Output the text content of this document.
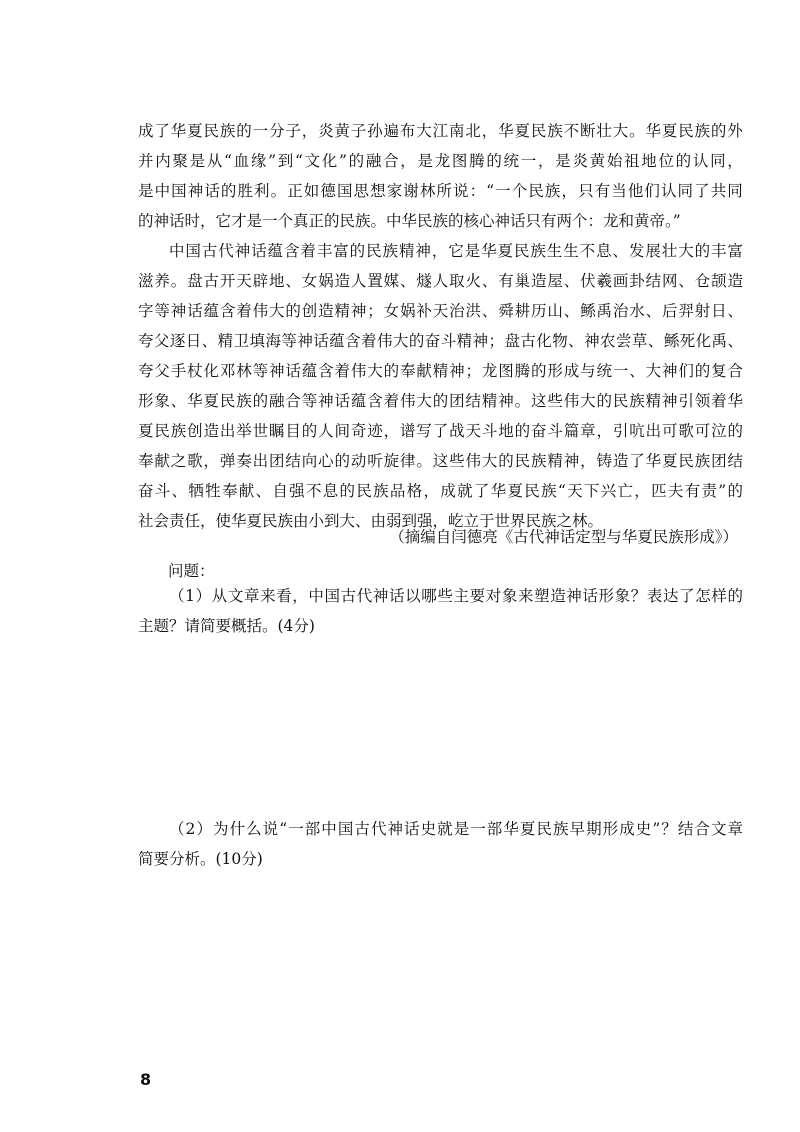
成了华夏民族的一分子，炎黄子孙遍布大江南北，华夏民族不断壮大。华夏民族的外
并内聚是从“血缘”到“文化”的融合，是龙图腾的统一，是炎黄始祖地位的认同，
是中国神话的胜利。正如德国思想家谢林所说：“一个民族，只有当他们认同了共同
的神话时，它才是一个真正的民族。中华民族的核心神话只有两个：龙和黄帝。”
中国古代神话蕴含着丰富的民族精神，它是华夏民族生生不息、发展壮大的丰富
滋养。盘古开天辟地、女娲造人置媒、燧人取火、有巢造屋、伏羲画卦结网、仓颉造
字等神话蕴含着伟大的创造精神；女娲补天治洪、舜耕历山、鲧禹治水、后羿射日、
夸父逐日、精卫填海等神话蕴含着伟大的奋斗精神；盘古化物、神农尝草、鲧死化禹、
夸父手杖化邓林等神话蕴含着伟大的奉献精神；龙图腾的形成与统一、大神们的复合
形象、华夏民族的融合等神话蕴含着伟大的团结精神。这些伟大的民族精神引领着华
夏民族创造出举世瞩目的人间奇迹，谱写了战天斗地的奋斗篇章，引吭出可歌可泣的
奉献之歌，弹奏出团结向心的动听旋律。这些伟大的民族精神，铸造了华夏民族团结
奋斗、牺牲奉献、自强不息的民族品格，成就了华夏民族“天下兴亡，匹夫有责”的
社会责任，使华夏民族由小到大、由弱到强，屹立于世界民族之林。
（摘编自闫德亮《古代神话定型与华夏民族形成》）
问题：
（1）从文章来看，中国古代神话以哪些主要对象来塑造神话形象？表达了怎样的
主题？请简要概括。(4分)
（2）为什么说“一部中国古代神话史就是一部华夏民族早期形成史”？结合文章
简要分析。(10分)
8
